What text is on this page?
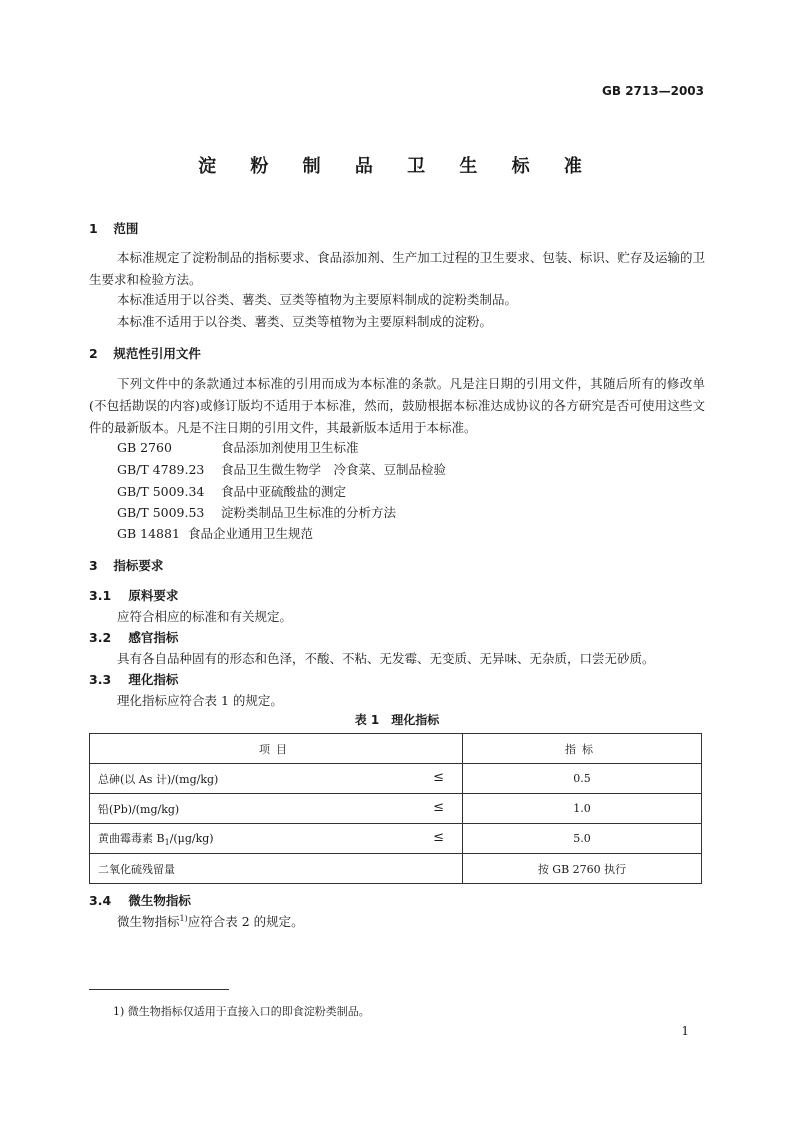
GB 2713—2003
淀 粉 制 品 卫 生 标 准
1 范围
本标准规定了淀粉制品的指标要求、食品添加剂、生产加工过程的卫生要求、包装、标识、贮存及运输的卫生要求和检验方法。
本标准适用于以谷类、薯类、豆类等植物为主要原料制成的淀粉类制品。
本标准不适用于以谷类、薯类、豆类等植物为主要原料制成的淀粉。
2 规范性引用文件
下列文件中的条款通过本标准的引用而成为本标准的条款。凡是注日期的引用文件，其随后所有的修改单(不包括勘误的内容)或修订版均不适用于本标准，然而，鼓励根据本标准达成协议的各方研究是否可使用这些文件的最新版本。凡是不注日期的引用文件，其最新版本适用于本标准。
GB 2760	食品添加剂使用卫生标准
GB/T 4789.23 食品卫生微生物学　冷食菜、豆制品检验
GB/T 5009.34 食品中亚硫酸盐的测定
GB/T 5009.53 淀粉类制品卫生标准的分析方法
GB 14881 食品企业通用卫生规范
3 指标要求
3.1 原料要求
应符合相应的标准和有关规定。
3.2 感官指标
具有各自品种固有的形态和色泽，不酸、不粘、无发霉、无变质、无异味、无杂质，口尝无砂质。
3.3 理化指标
理化指标应符合表 1 的规定。
表 1　理化指标
项目	指标
总砷(以 As 计)/(mg/kg) ≤	0.5
铅(Pb)/(mg/kg) ≤	1.0
黄曲霉毒素 $B_1/(\mu g/kg)$ ≤	5.0
二氧化硫残留量	按 GB 2760 执行
3.4 微生物指标
微生物指标$^{1)}$应符合表 2 的规定。
1) 微生物指标仅适用于直接入口的即食淀粉类制品。
1
